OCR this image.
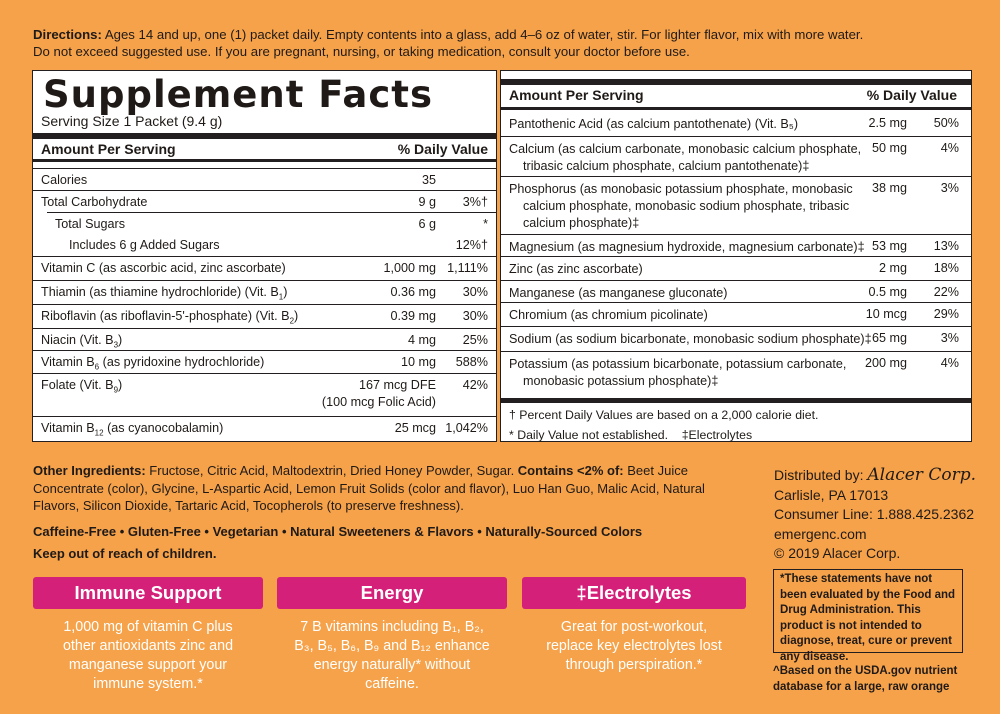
Directions: Ages 14 and up, one (1) packet daily. Empty contents into a glass, add 4–6 oz of water, stir. For lighter flavor, mix with more water.
Do not exceed suggested use. If you are pregnant, nursing, or taking medication, consult your doctor before use.
Supplement Facts
Serving Size 1 Packet (9.4 g)
Amount Per Serving	% Daily Value
Calories	35
Total Carbohydrate	9 g 3%†
Total Sugars	6 g	*
Includes 6 g Added Sugars	12%†
Vitamin C (as ascorbic acid, zinc ascorbate)	1,000 mg 1,111%
Thiamin (as thiamine hydrochloride) (Vit. $B_1$)	0.36 mg 30%
Riboflavin (as riboflavin-5'-phosphate) (Vit. $B_2$)	0.39 mg 30%
Niacin (Vit. $B_3$)	4 mg 25%
Vitamin $B_6$ (as pyridoxine hydrochloride)	10 mg 588%
Folate (Vit. $B_9$)	167 mcg DFE
(100 mcg Folic Acid)
42%
Vitamin $B_{12}$ (as cyanocobalamin)	25 mcg 1,042%
Amount Per Serving	% Daily Value
Pantothenic Acid (as calcium pantothenate) (Vit. B₅)	2.5 mg 50%
Calcium (as calcium carbonate, monobasic calcium phosphate,
tribasic calcium phosphate, calcium pantothenate)‡
50 mg	4%
Phosphorus (as monobasic potassium phosphate, monobasic
calcium phosphate, monobasic sodium phosphate, tribasic
calcium phosphate)‡
38 mg	3%
Magnesium (as magnesium hydroxide, magnesium carbonate)‡ 53 mg 13%
Zinc (as zinc ascorbate)	2 mg 18%
Manganese (as manganese gluconate)	0.5 mg 22%
Chromium (as chromium picolinate)	10 mcg 29%
Sodium (as sodium bicarbonate, monobasic sodium phosphate)‡ 65 mg	3%
Potassium (as potassium bicarbonate, potassium carbonate,
monobasic potassium phosphate)‡
200 mg	4%
† Percent Daily Values are based on a 2,000 calorie diet.
* Daily Value not established.    ‡Electrolytes
Other Ingredients: Fructose, Citric Acid, Maltodextrin, Dried Honey Powder, Sugar. Contains <2% of: Beet Juice Concentrate (color), Glycine, L-Aspartic Acid, Lemon Fruit Solids (color and flavor), Luo Han Guo, Malic Acid, Natural Flavors, Silicon Dioxide, Tartaric Acid, Tocopherols (to preserve freshness).
Caffeine-Free • Gluten-Free • Vegetarian • Natural Sweeteners & Flavors • Naturally-Sourced Colors
Keep out of reach of children.
Immune Support
1,000 mg of vitamin C plus
other antioxidants zinc and
manganese support your
immune system.*
Energy
7 B vitamins including B₁, B₂,
B₃, B₅, B₆, B₉ and B₁₂ enhance
energy naturally* without
caffeine.
‡Electrolytes
Great for post-workout,
replace key electrolytes lost
through perspiration.*
Distributed by: Alacer Corp.
Carlisle, PA 17013
Consumer Line: 1.888.425.2362
emergenc.com
© 2019 Alacer Corp.
*These statements have not been evaluated by the Food and Drug Administration. This product is not intended to diagnose, treat, cure or prevent any disease.
^Based on the USDA.gov nutrient database for a large, raw orange
